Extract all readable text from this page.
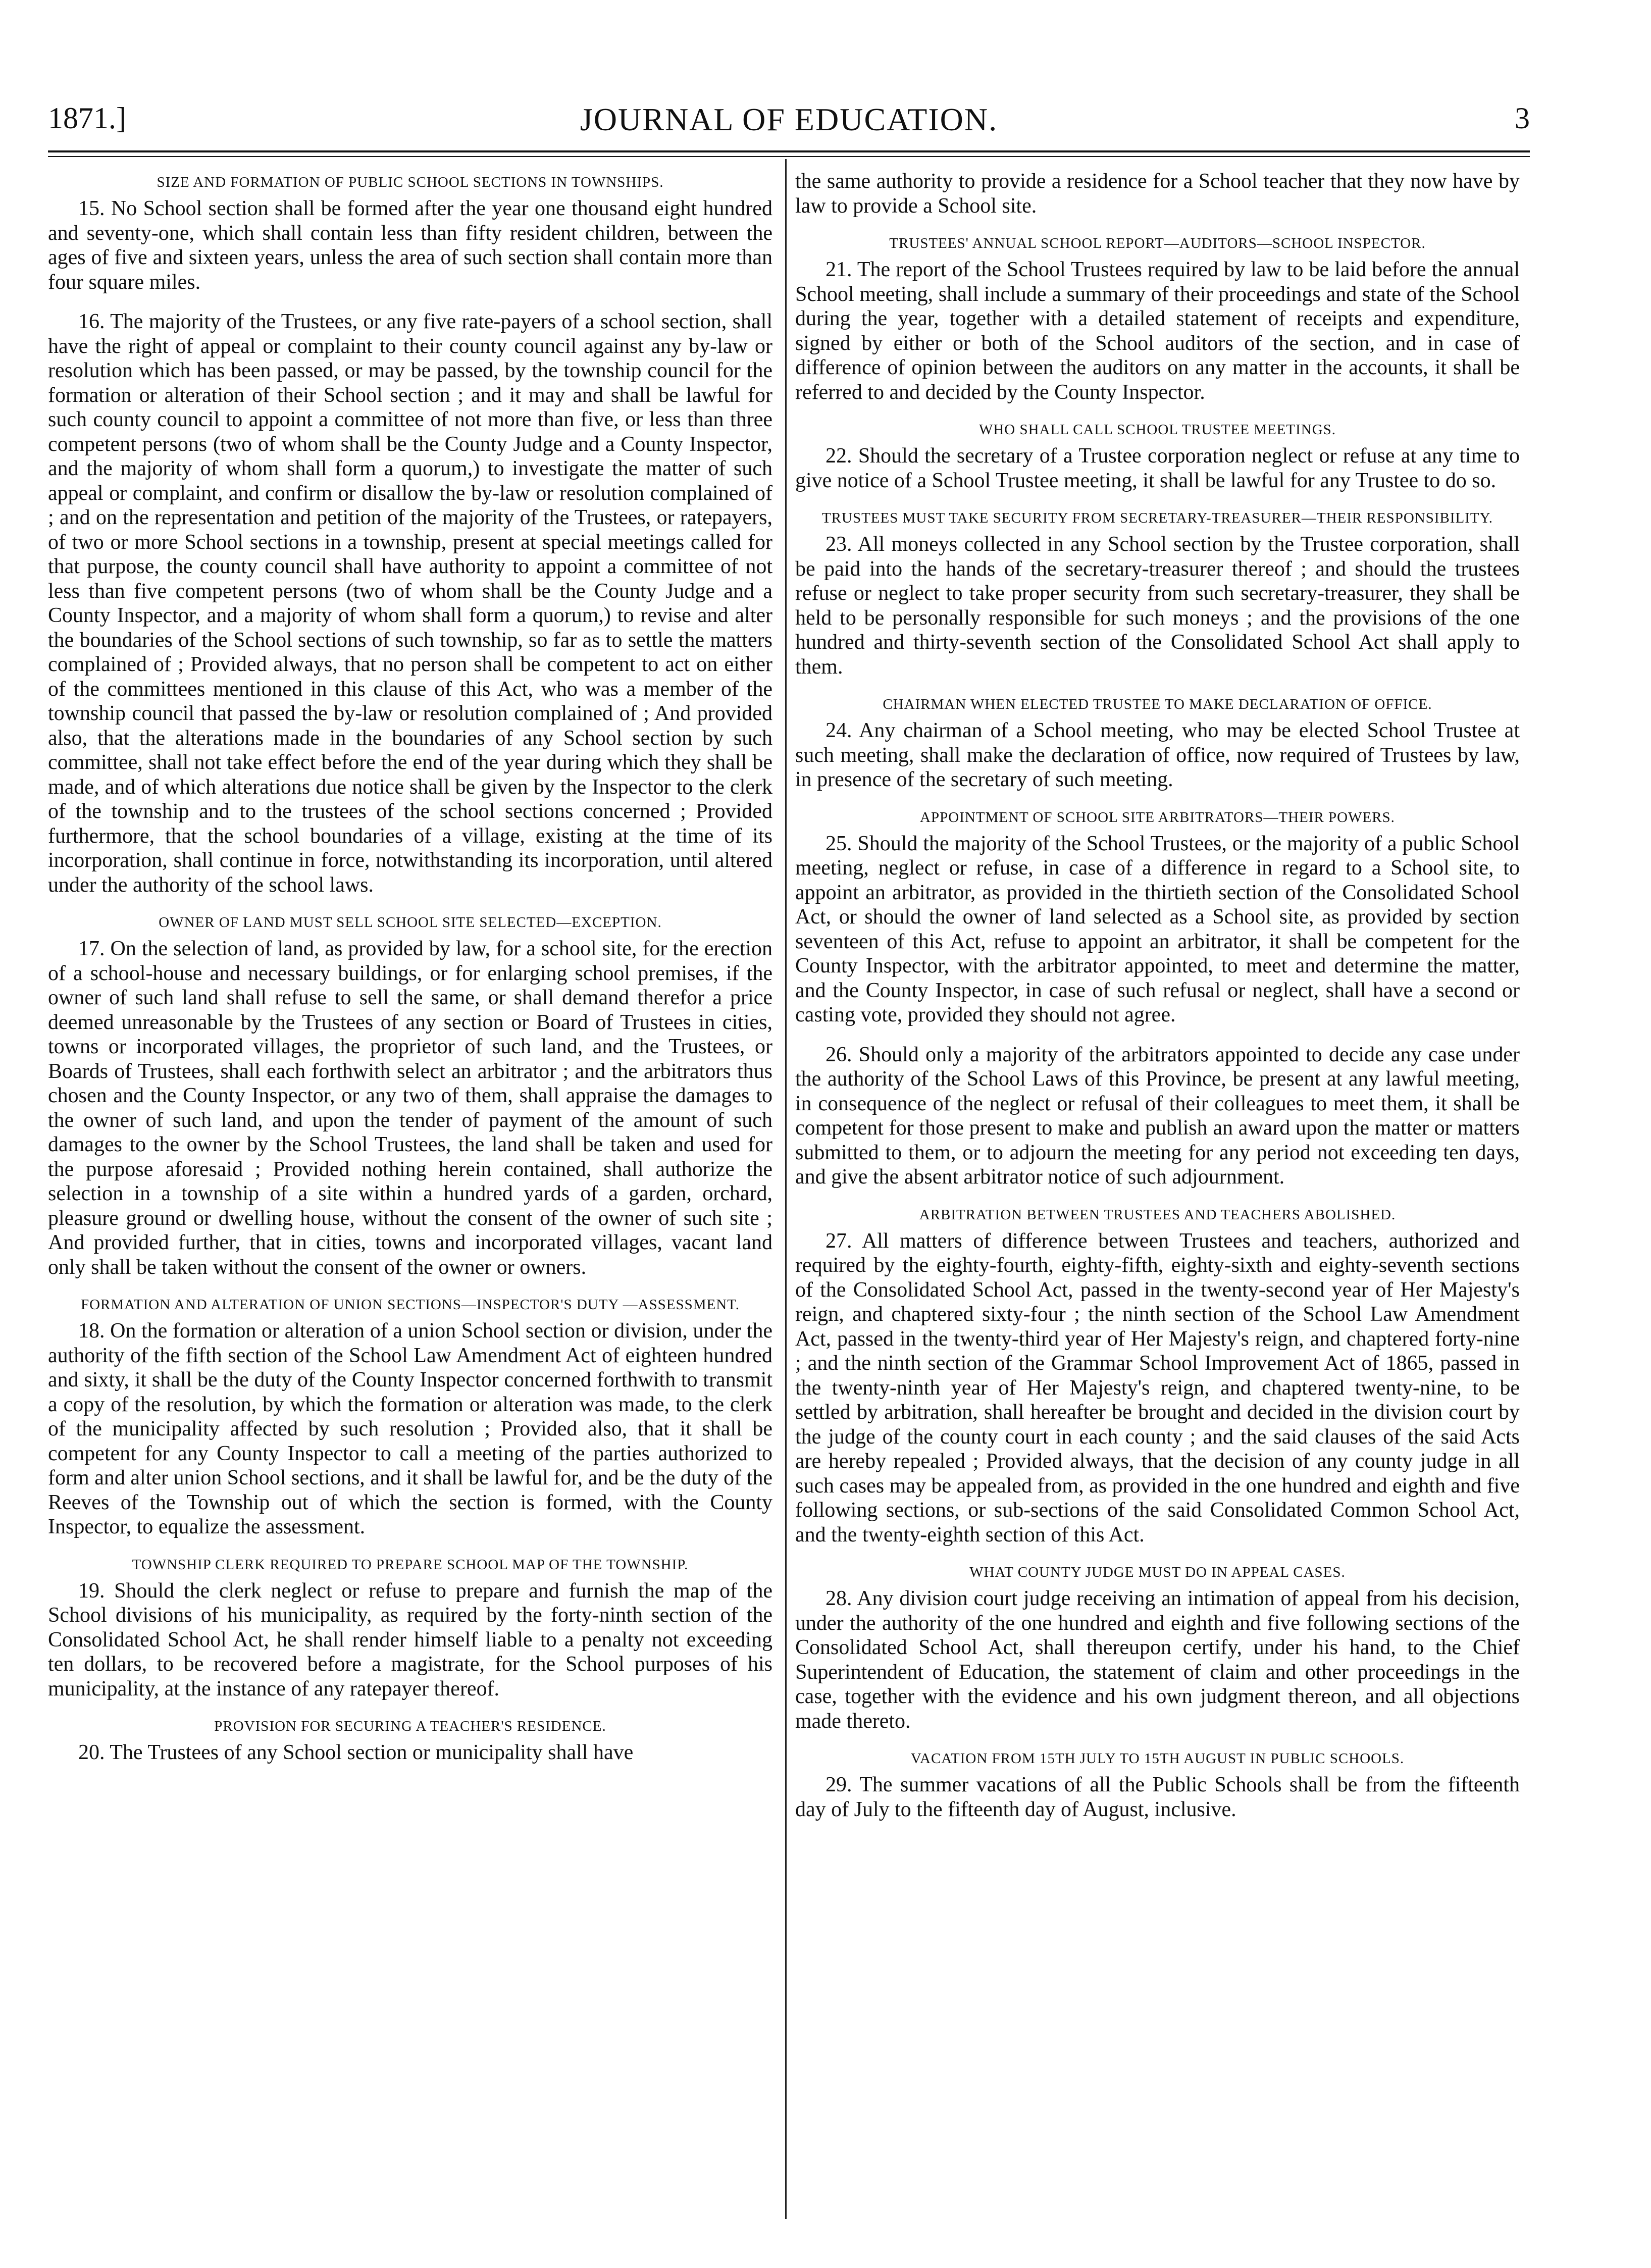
1871.]	JOURNAL OF EDUCATION.	3
SIZE AND FORMATION OF PUBLIC SCHOOL SECTIONS IN TOWNSHIPS.

15. No School section shall be formed after the year one thousand eight hundred and seventy-one, which shall contain less than fifty resident children, between the ages of five and sixteen years, unless the area of such section shall contain more than four square miles.

16. The majority of the Trustees, or any five rate-payers of a school section, shall have the right of appeal or complaint to their county council against any by-law or resolution which has been passed, or may be passed, by the township council for the formation or alteration of their School section ; and it may and shall be lawful for such county council to appoint a committee of not more than five, or less than three competent persons (two of whom shall be the County Judge and a County Inspector, and the majority of whom shall form a quorum,) to investigate the matter of such appeal or complaint, and confirm or disallow the by-law or resolution complained of ; and on the representation and petition of the majority of the Trustees, or ratepayers, of two or more School sections in a township, present at special meetings called for that purpose, the county council shall have authority to appoint a committee of not less than five competent persons (two of whom shall be the County Judge and a County Inspector, and a majority of whom shall form a quorum,) to revise and alter the boundaries of the School sections of such township, so far as to settle the matters complained of ; Provided always, that no person shall be competent to act on either of the committees mentioned in this clause of this Act, who was a member of the township council that passed the by-law or resolution complained of ; And provided also, that the alterations made in the boundaries of any School section by such committee, shall not take effect before the end of the year during which they shall be made, and of which alterations due notice shall be given by the Inspector to the clerk of the township and to the trustees of the school sections concerned ; Provided furthermore, that the school boundaries of a village, existing at the time of its incorporation, shall continue in force, notwithstanding its incorporation, until altered under the authority of the school laws.

OWNER OF LAND MUST SELL SCHOOL SITE SELECTED—EXCEPTION.

17. On the selection of land, as provided by law, for a school site, for the erection of a school-house and necessary buildings, or for enlarging school premises, if the owner of such land shall refuse to sell the same, or shall demand therefor a price deemed unreasonable by the Trustees of any section or Board of Trustees in cities, towns or incorporated villages, the proprietor of such land, and the Trustees, or Boards of Trustees, shall each forthwith select an arbitrator ; and the arbitrators thus chosen and the County Inspector, or any two of them, shall appraise the damages to the owner of such land, and upon the tender of payment of the amount of such damages to the owner by the School Trustees, the land shall be taken and used for the purpose aforesaid ; Provided nothing herein contained, shall authorize the selection in a township of a site within a hundred yards of a garden, orchard, pleasure ground or dwelling house, without the consent of the owner of such site ; And provided further, that in cities, towns and incorporated villages, vacant land only shall be taken without the consent of the owner or owners.

FORMATION AND ALTERATION OF UNION SECTIONS—INSPECTOR'S DUTY —ASSESSMENT.

18. On the formation or alteration of a union School section or division, under the authority of the fifth section of the School Law Amendment Act of eighteen hundred and sixty, it shall be the duty of the County Inspector concerned forthwith to transmit a copy of the resolution, by which the formation or alteration was made, to the clerk of the municipality affected by such resolution ; Provided also, that it shall be competent for any County Inspector to call a meeting of the parties authorized to form and alter union School sections, and it shall be lawful for, and be the duty of the Reeves of the Township out of which the section is formed, with the County Inspector, to equalize the assessment.

TOWNSHIP CLERK REQUIRED TO PREPARE SCHOOL MAP OF THE TOWNSHIP.

19. Should the clerk neglect or refuse to prepare and furnish the map of the School divisions of his municipality, as required by the forty-ninth section of the Consolidated School Act, he shall render himself liable to a penalty not exceeding ten dollars, to be recovered before a magistrate, for the School purposes of his municipality, at the instance of any ratepayer thereof.

PROVISION FOR SECURING A TEACHER'S RESIDENCE.

20. The Trustees of any School section or municipality shall have

the same authority to provide a residence for a School teacher that they now have by law to provide a School site.

TRUSTEES' ANNUAL SCHOOL REPORT—AUDITORS—SCHOOL INSPECTOR.

21. The report of the School Trustees required by law to be laid before the annual School meeting, shall include a summary of their proceedings and state of the School during the year, together with a detailed statement of receipts and expenditure, signed by either or both of the School auditors of the section, and in case of difference of opinion between the auditors on any matter in the accounts, it shall be referred to and decided by the County Inspector.

WHO SHALL CALL SCHOOL TRUSTEE MEETINGS.

22. Should the secretary of a Trustee corporation neglect or refuse at any time to give notice of a School Trustee meeting, it shall be lawful for any Trustee to do so.

TRUSTEES MUST TAKE SECURITY FROM SECRETARY-TREASURER—THEIR RESPONSIBILITY.

23. All moneys collected in any School section by the Trustee corporation, shall be paid into the hands of the secretary-treasurer thereof ; and should the trustees refuse or neglect to take proper security from such secretary-treasurer, they shall be held to be personally responsible for such moneys ; and the provisions of the one hundred and thirty-seventh section of the Consolidated School Act shall apply to them.

CHAIRMAN WHEN ELECTED TRUSTEE TO MAKE DECLARATION OF OFFICE.

24. Any chairman of a School meeting, who may be elected School Trustee at such meeting, shall make the declaration of office, now required of Trustees by law, in presence of the secretary of such meeting.

APPOINTMENT OF SCHOOL SITE ARBITRATORS—THEIR POWERS.

25. Should the majority of the School Trustees, or the majority of a public School meeting, neglect or refuse, in case of a difference in regard to a School site, to appoint an arbitrator, as provided in the thirtieth section of the Consolidated School Act, or should the owner of land selected as a School site, as provided by section seventeen of this Act, refuse to appoint an arbitrator, it shall be competent for the County Inspector, with the arbitrator appointed, to meet and determine the matter, and the County Inspector, in case of such refusal or neglect, shall have a second or casting vote, provided they should not agree.

26. Should only a majority of the arbitrators appointed to decide any case under the authority of the School Laws of this Province, be present at any lawful meeting, in consequence of the neglect or refusal of their colleagues to meet them, it shall be competent for those present to make and publish an award upon the matter or matters submitted to them, or to adjourn the meeting for any period not exceeding ten days, and give the absent arbitrator notice of such adjournment.

ARBITRATION BETWEEN TRUSTEES AND TEACHERS ABOLISHED.

27. All matters of difference between Trustees and teachers, authorized and required by the eighty-fourth, eighty-fifth, eighty-sixth and eighty-seventh sections of the Consolidated School Act, passed in the twenty-second year of Her Majesty's reign, and chaptered sixty-four ; the ninth section of the School Law Amendment Act, passed in the twenty-third year of Her Majesty's reign, and chaptered forty-nine ; and the ninth section of the Grammar School Improvement Act of 1865, passed in the twenty-ninth year of Her Majesty's reign, and chaptered twenty-nine, to be settled by arbitration, shall hereafter be brought and decided in the division court by the judge of the county court in each county ; and the said clauses of the said Acts are hereby repealed ; Provided always, that the decision of any county judge in all such cases may be appealed from, as provided in the one hundred and eighth and five following sections, or sub-sections of the said Consolidated Common School Act, and the twenty-eighth section of this Act.

WHAT COUNTY JUDGE MUST DO IN APPEAL CASES.

28. Any division court judge receiving an intimation of appeal from his decision, under the authority of the one hundred and eighth and five following sections of the Consolidated School Act, shall thereupon certify, under his hand, to the Chief Superintendent of Education, the statement of claim and other proceedings in the case, together with the evidence and his own judgment thereon, and all objections made thereto.

VACATION FROM 15TH JULY TO 15TH AUGUST IN PUBLIC SCHOOLS.

29. The summer vacations of all the Public Schools shall be from the fifteenth day of July to the fifteenth day of August, inclusive.
